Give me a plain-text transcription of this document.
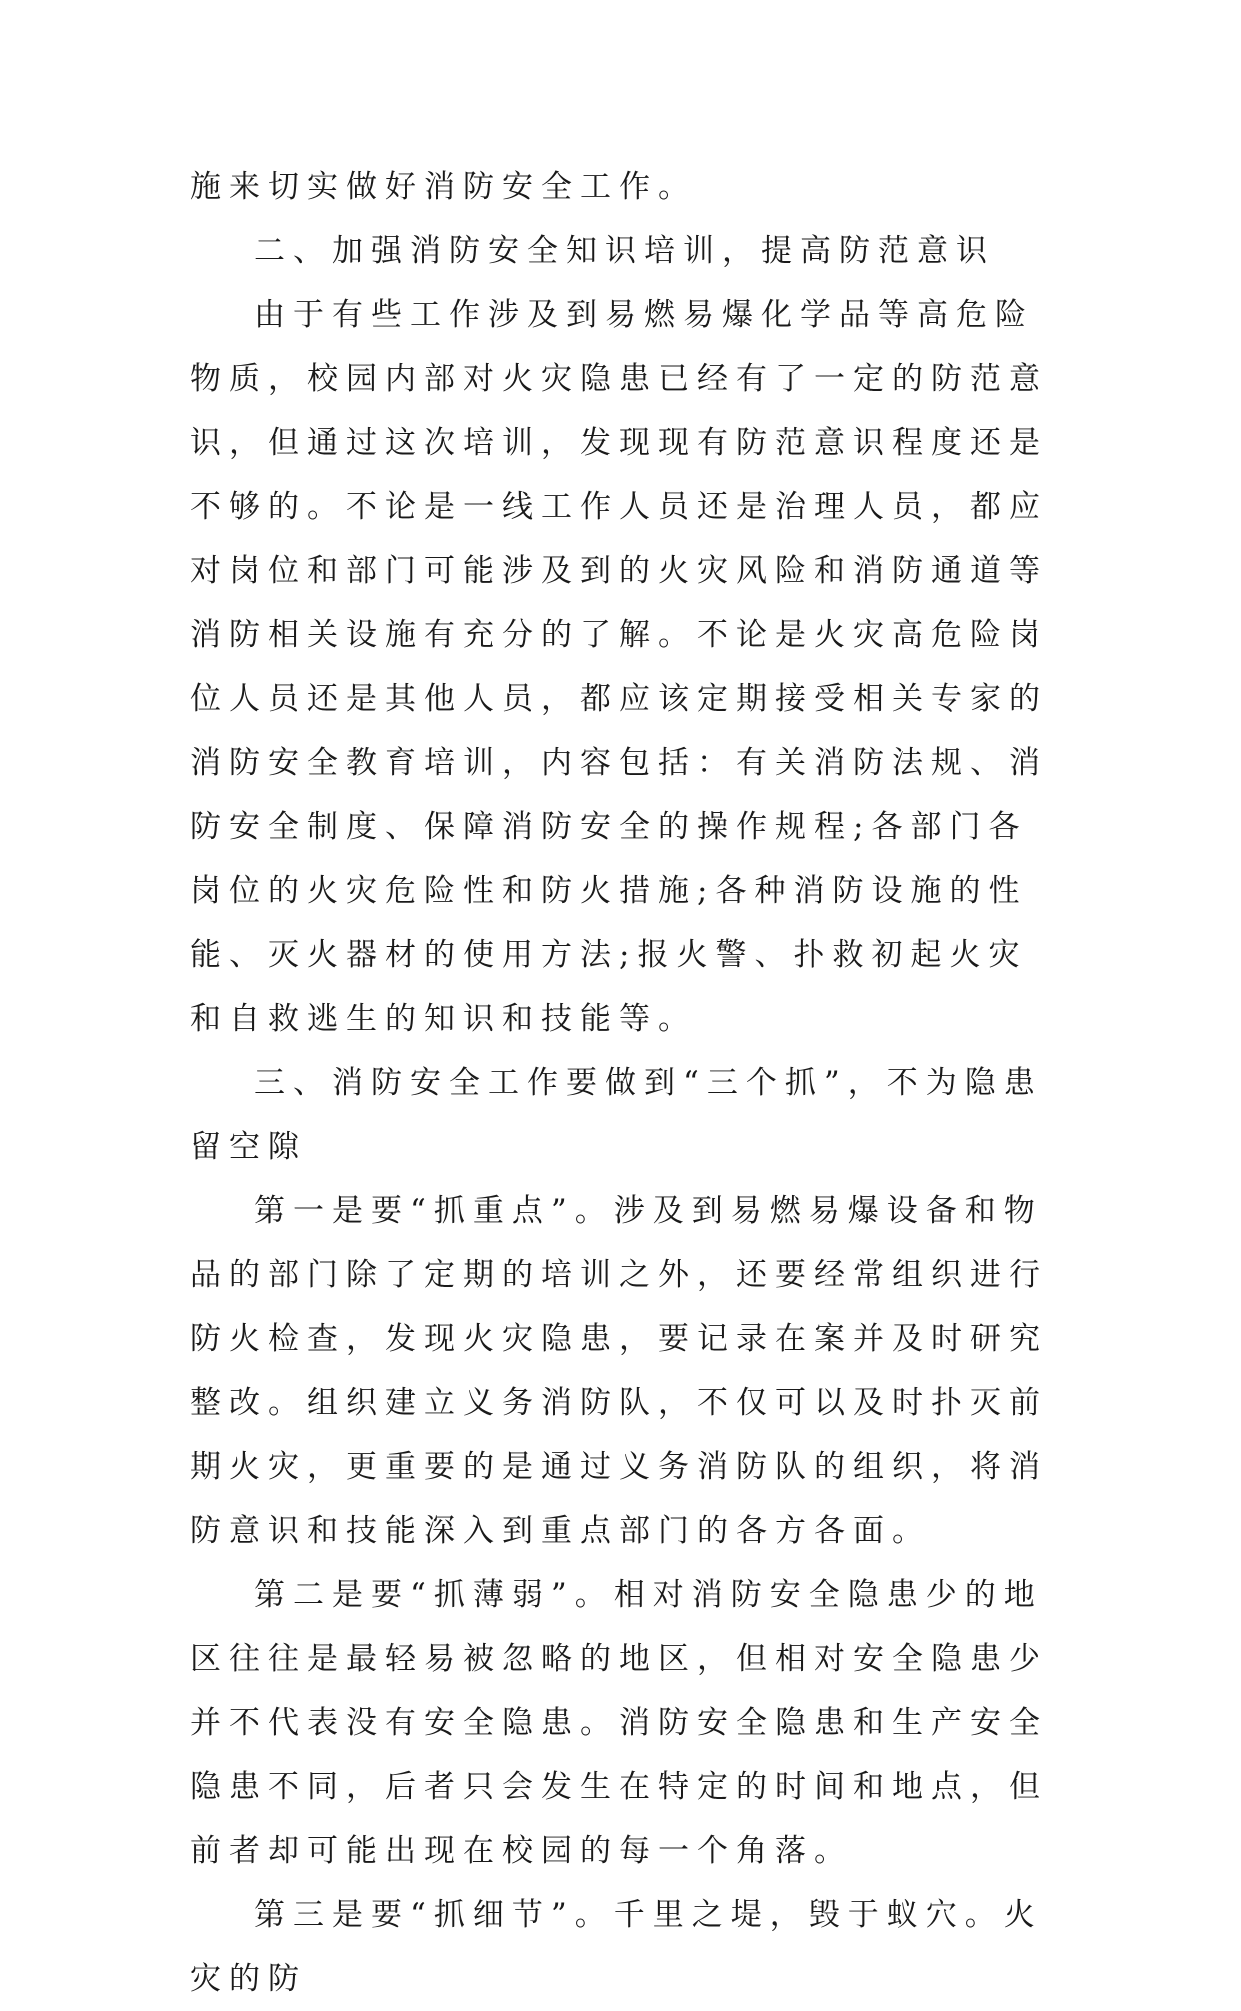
施来切实做好消防安全工作。

二、加强消防安全知识培训，提高防范意识

由于有些工作涉及到易燃易爆化学品等高危险物质，校园内部对火灾隐患已经有了一定的防范意识，但通过这次培训，发现现有防范意识程度还是不够的。不论是一线工作人员还是治理人员，都应对岗位和部门可能涉及到的火灾风险和消防通道等消防相关设施有充分的了解。不论是火灾高危险岗位人员还是其他人员，都应该定期接受相关专家的消防安全教育培训，内容包括：有关消防法规、消防安全制度、保障消防安全的操作规程;各部门各岗位的火灾危险性和防火措施;各种消防设施的性能、灭火器材的使用方法;报火警、扑救初起火灾和自救逃生的知识和技能等。

三、消防安全工作要做到“三个抓”，不为隐患留空隙

第一是要“抓重点”。涉及到易燃易爆设备和物品的部门除了定期的培训之外，还要经常组织进行防火检查，发现火灾隐患，要记录在案并及时研究整改。组织建立义务消防队，不仅可以及时扑灭前期火灾，更重要的是通过义务消防队的组织，将消防意识和技能深入到重点部门的各方各面。

第二是要“抓薄弱”。相对消防安全隐患少的地区往往是最轻易被忽略的地区，但相对安全隐患少并不代表没有安全隐患。消防安全隐患和生产安全隐患不同，后者只会发生在特定的时间和地点，但前者却可能出现在校园的每一个角落。

第三是要“抓细节”。千里之堤，毁于蚁穴。火灾的防
